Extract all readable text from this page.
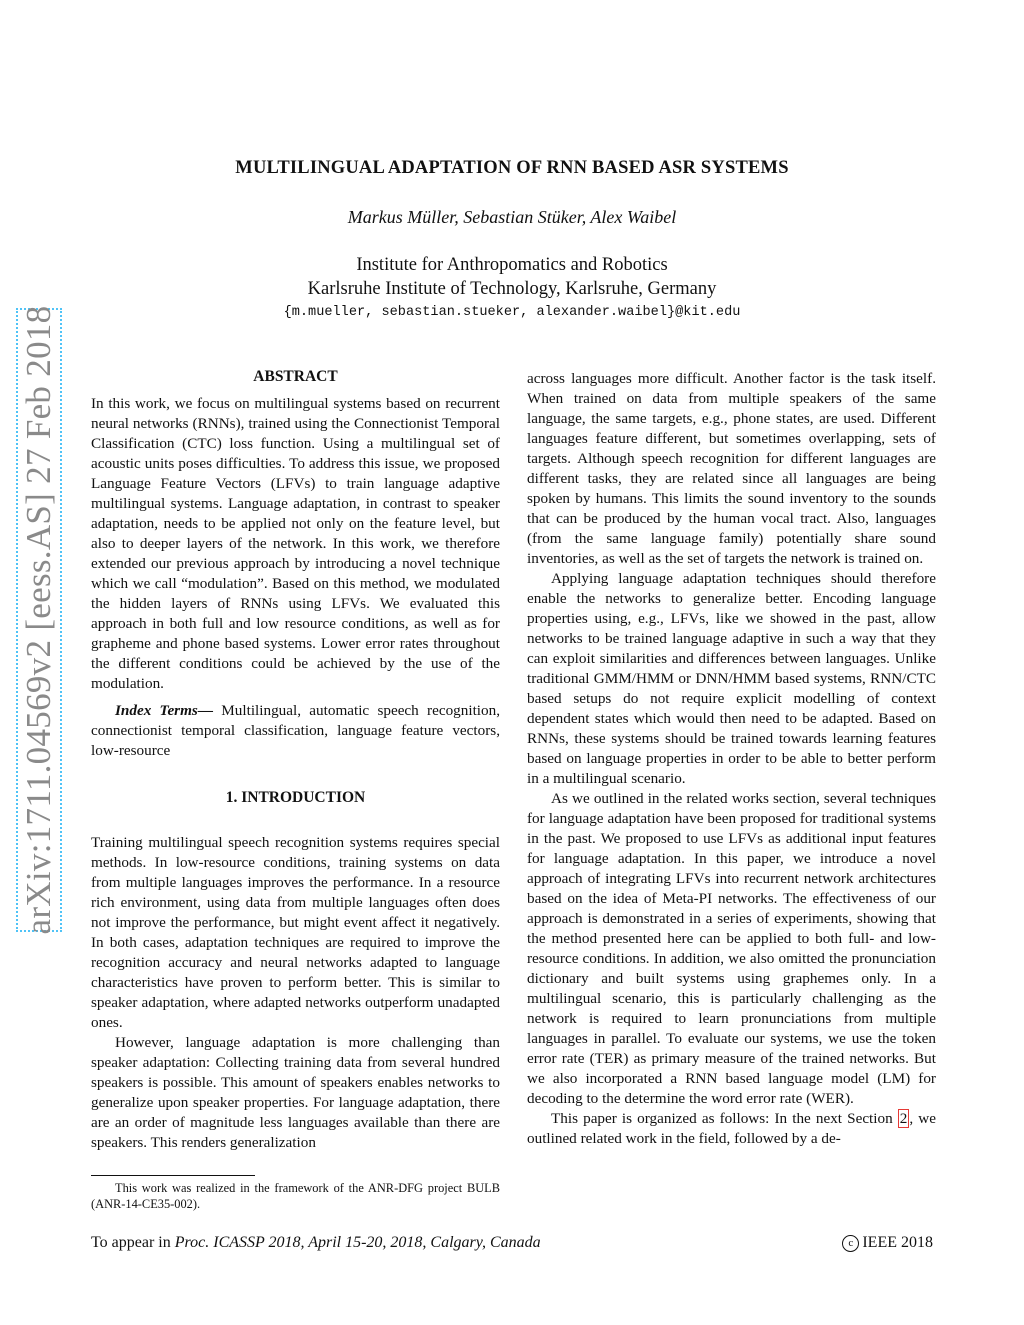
arXiv:1711.04569v2 [eess.AS] 27 Feb 2018
MULTILINGUAL ADAPTATION OF RNN BASED ASR SYSTEMS
Markus Müller, Sebastian Stüker, Alex Waibel
Institute for Anthropomatics and Robotics
Karlsruhe Institute of Technology, Karlsruhe, Germany
{m.mueller, sebastian.stueker, alexander.waibel}@kit.edu

ABSTRACT

In this work, we focus on multilingual systems based on recurrent neural networks (RNNs), trained using the Connectionist Temporal Classification (CTC) loss function. Using a multilingual set of acoustic units poses difficulties. To address this issue, we proposed Language Feature Vectors (LFVs) to train language adaptive multilingual systems. Language adaptation, in contrast to speaker adaptation, needs to be applied not only on the feature level, but also to deeper layers of the network. In this work, we therefore extended our previous approach by introducing a novel technique which we call “modulation”. Based on this method, we modulated the hidden layers of RNNs using LFVs. We evaluated this approach in both full and low resource conditions, as well as for grapheme and phone based systems. Lower error rates throughout the different conditions could be achieved by the use of the modulation.

Index Terms— Multilingual, automatic speech recognition, connectionist temporal classification, language feature vectors, low-resource

1. INTRODUCTION

Training multilingual speech recognition systems requires special methods. In low-resource conditions, training systems on data from multiple languages improves the performance. In a resource rich environment, using data from multiple languages often does not improve the performance, but might event affect it negatively. In both cases, adaptation techniques are required to improve the recognition accuracy and neural networks adapted to language characteristics have proven to perform better. This is similar to speaker adaptation, where adapted networks outperform unadapted ones.

However, language adaptation is more challenging than speaker adaptation: Collecting training data from several hundred speakers is possible. This amount of speakers enables networks to generalize upon speaker properties. For language adaptation, there are an order of magnitude less languages available than there are speakers. This renders generalization

This work was realized in the framework of the ANR-DFG project BULB (ANR-14-CE35-002).

across languages more difficult. Another factor is the task itself. When trained on data from multiple speakers of the same language, the same targets, e.g., phone states, are used. Different languages feature different, but sometimes overlapping, sets of targets. Although speech recognition for different languages are different tasks, they are related since all languages are being spoken by humans. This limits the sound inventory to the sounds that can be produced by the human vocal tract. Also, languages (from the same language family) potentially share sound inventories, as well as the set of targets the network is trained on.

Applying language adaptation techniques should therefore enable the networks to generalize better. Encoding language properties using, e.g., LFVs, like we showed in the past, allow networks to be trained language adaptive in such a way that they can exploit similarities and differences between languages. Unlike traditional GMM/HMM or DNN/HMM based systems, RNN/CTC based setups do not require explicit modelling of context dependent states which would then need to be adapted. Based on RNNs, these systems should be trained towards learning features based on language properties in order to be able to better perform in a multilingual scenario.

As we outlined in the related works section, several techniques for language adaptation have been proposed for traditional systems in the past. We proposed to use LFVs as additional input features for language adaptation. In this paper, we introduce a novel approach of integrating LFVs into recurrent network architectures based on the idea of Meta-PI networks. The effectiveness of our approach is demonstrated in a series of experiments, showing that the method presented here can be applied to both full- and low-resource conditions. In addition, we also omitted the pronunciation dictionary and built systems using graphemes only. In a multilingual scenario, this is particularly challenging as the network is required to learn pronunciations from multiple languages in parallel. To evaluate our systems, we use the token error rate (TER) as primary measure of the trained networks. But we also incorporated a RNN based language model (LM) for decoding to the determine the word error rate (WER).

This paper is organized as follows: In the next Section 2 , we outlined related work in the field, followed by a de-

To appear in Proc. ICASSP 2018, April 15-20, 2018, Calgary, Canada	c IEEE 2018
